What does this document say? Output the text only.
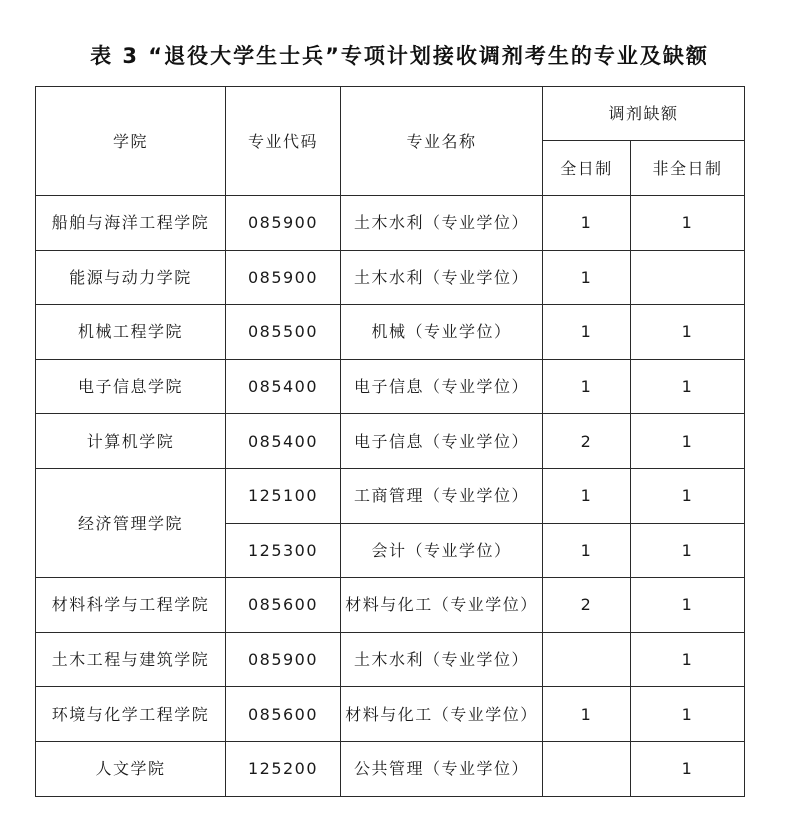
表 3 “退役大学生士兵”专项计划接收调剂考生的专业及缺额
学院	专业代码	专业名称	调剂缺额	
			全日制	非全日制
船舶与海洋工程学院	085900	土木水利（专业学位）	1	1
能源与动力学院	085900	土木水利（专业学位）	1	
机械工程学院	085500	机械（专业学位）	1	1
电子信息学院	085400	电子信息（专业学位）	1	1
计算机学院	085400	电子信息（专业学位）	2	1
经济管理学院	125100	工商管理（专业学位）	1	1
	125300	会计（专业学位）	1	1
材料科学与工程学院	085600	材料与化工（专业学位）	2	1
土木工程与建筑学院	085900	土木水利（专业学位）		1
环境与化学工程学院	085600	材料与化工（专业学位）	1	1
人文学院	125200	公共管理（专业学位）		1
